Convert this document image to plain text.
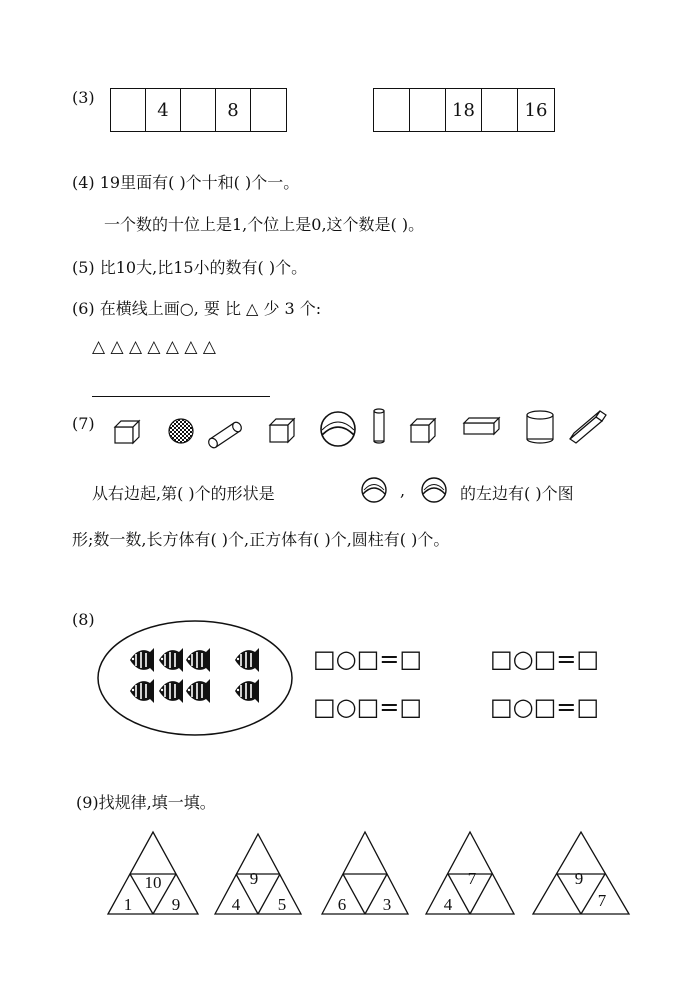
(3)
4	8	18	16
(4) 19里面有( )个十和( )个一。
一个数的十位上是1,个位上是0,这个数是( )。
(5) 比10大,比15小的数有( )个。
(6) 在横线上画○, 要 比 △ 少 3 个:
△ △ △ △ △ △ △
(7)
从右边起,第( )个的形状是	,	的左边有( )个图
形;数一数,长方体有( )个,正方体有( )个,圆柱有( )个。
(8)
□○□=□	□○□=□
□○□=□	□○□=□
(9)找规律,填一填。
10
1 9
9
4 5	6 3
7
4
9
7
